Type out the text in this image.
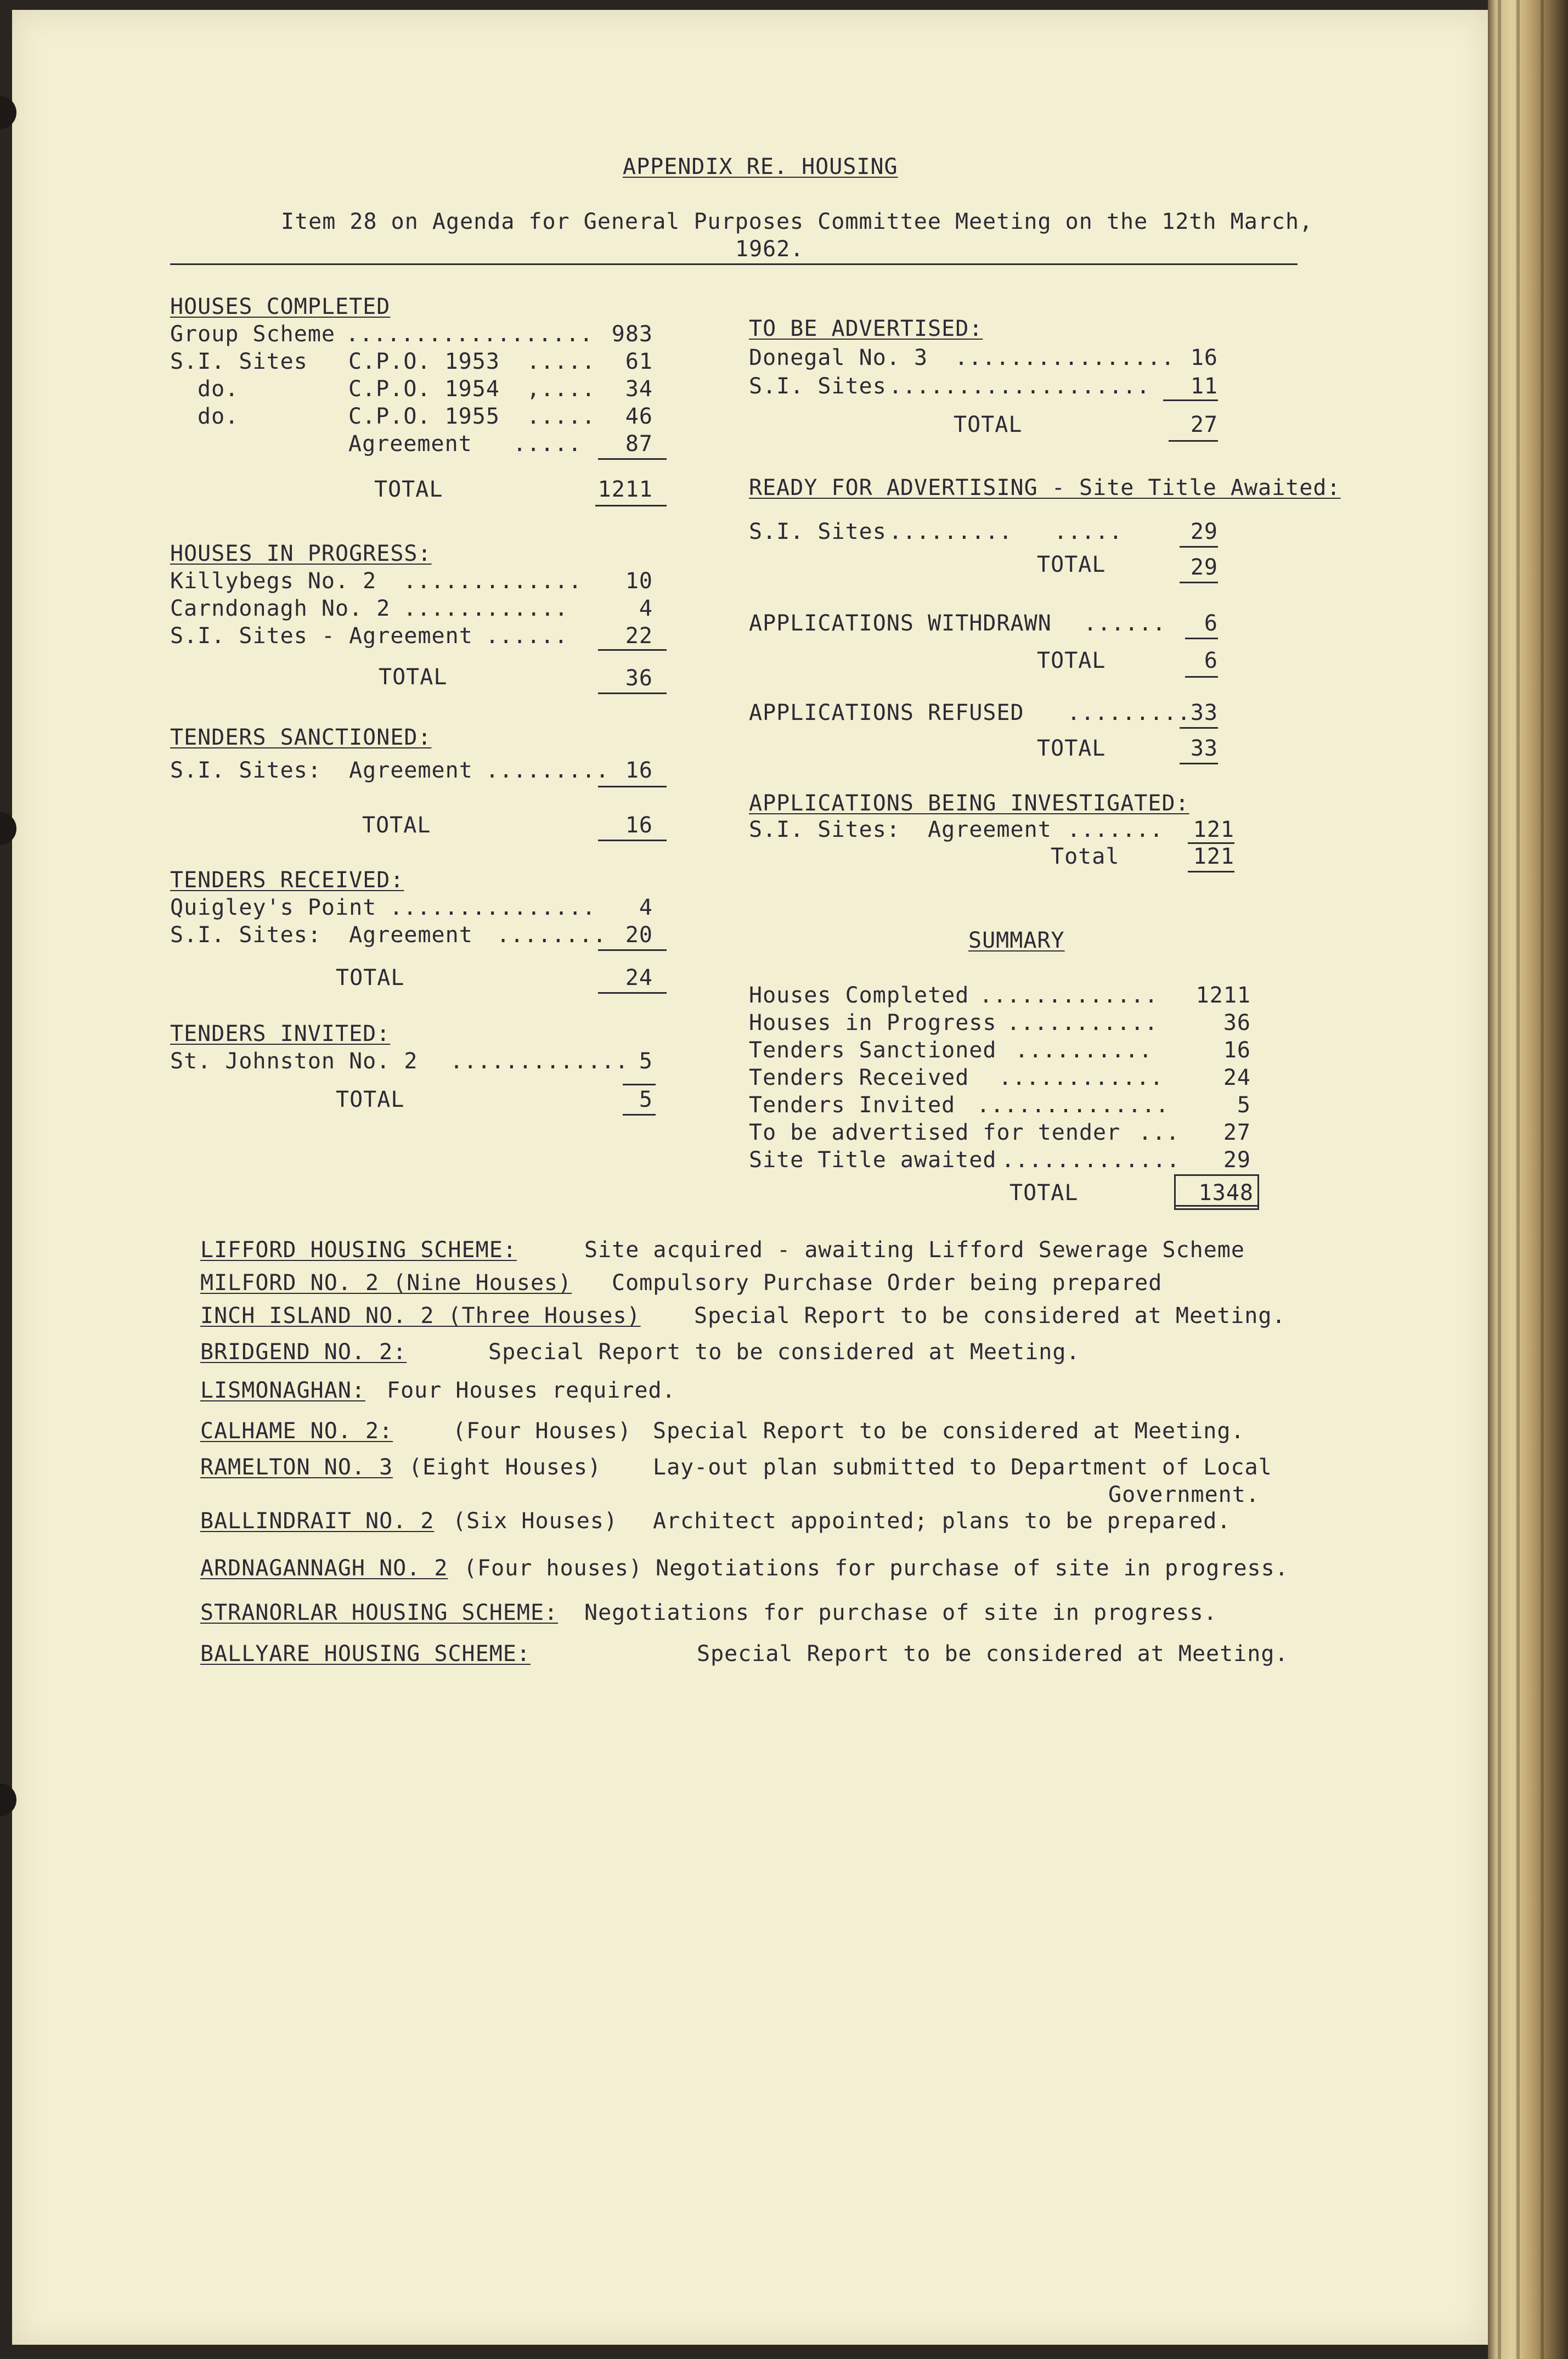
APPENDIX RE. HOUSING
Item 28 on Agenda for General Purposes Committee Meeting on the 12th March,
1962.
HOUSES COMPLETED
Group Scheme .................. 983
S.I. Sites C.P.O. 1953 .....	61
do.	C.P.O. 1954 ,....	34
do.	C.P.O. 1955 .....	46
Agreement .....	87
TOTAL	1211
HOUSES IN PROGRESS:
Killybegs No. 2 .............	10
Carndonagh No. 2 ............	4
S.I. Sites - Agreement ......	22
TOTAL	36
TENDERS SANCTIONED:
S.I. Sites:  Agreement ......... 16
TOTAL	16
TENDERS RECEIVED:
Quigley's Point ...............	4
S.I. Sites:  Agreement ........ 20
TOTAL	24
TENDERS INVITED:
St. Johnston No. 2 ............. 5
TOTAL	5
TO BE ADVERTISED:
Donegal No. 3 ................ 16
S.I. Sites ...................	11
TOTAL	27
READY FOR ADVERTISING - Site Title Awaited:
S.I. Sites .........   .....	29
TOTAL	29
APPLICATIONS WITHDRAWN ......	6
TOTAL	6
APPLICATIONS REFUSED ......... 33
TOTAL	33
APPLICATIONS BEING INVESTIGATED:
S.I. Sites:  Agreement .......	121
Total	121
SUMMARY
Houses Completed .............	1211
Houses in Progress ...........	36
Tenders Sanctioned ..........	16
Tenders Received ............	24
Tenders Invited ..............	5
To be advertised for tender ...	27
Site Title awaited .............	29
TOTAL	1348
LIFFORD HOUSING SCHEME:	Site acquired - awaiting Lifford Sewerage Scheme
MILFORD NO. 2 (Nine Houses) Compulsory Purchase Order being prepared
INCH ISLAND NO. 2 (Three Houses) Special Report to be considered at Meeting.
BRIDGEND NO. 2:	Special Report to be considered at Meeting.
LISMONAGHAN: Four Houses required.
CALHAME NO. 2:	(Four Houses) Special Report to be considered at Meeting.
RAMELTON NO. 3 (Eight Houses) Lay-out plan submitted to Department of Local
Government.
BALLINDRAIT NO. 2 (Six Houses) Architect appointed; plans to be prepared.
ARDNAGANNAGH NO. 2 (Four houses) Negotiations for purchase of site in progress.
STRANORLAR HOUSING SCHEME: Negotiations for purchase of site in progress.
BALLYARE HOUSING SCHEME:	Special Report to be considered at Meeting.
